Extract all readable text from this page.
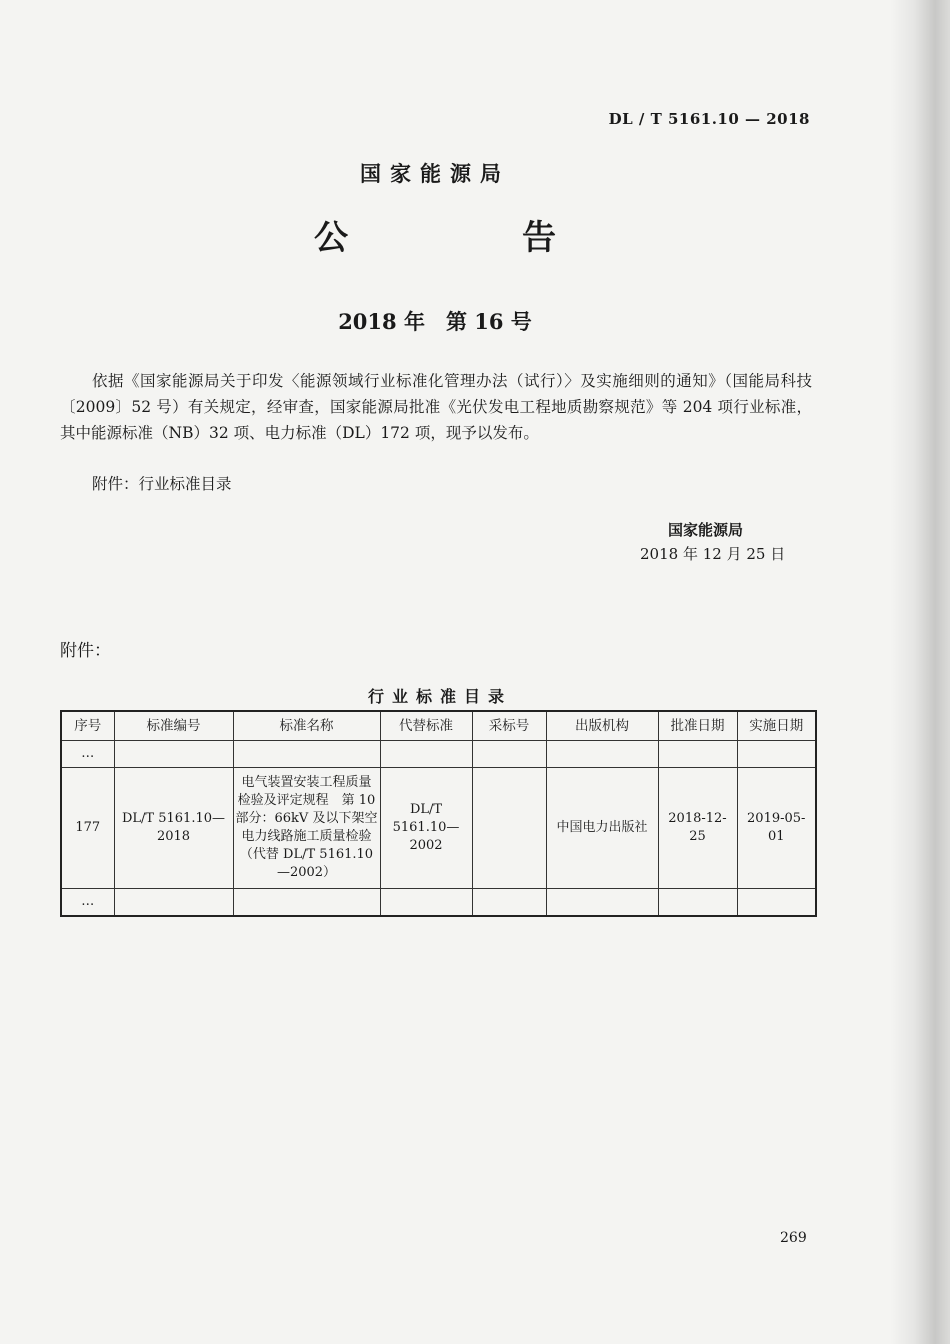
DL / T 5161.10 — 2018
国家能源局
公　告
2018 年　第 16 号
依据《国家能源局关于印发〈能源领域行业标准化管理办法（试行）〉及实施细则的通知》（国能局科技〔2009〕52 号）有关规定，经审查，国家能源局批准《光伏发电工程地质勘察规范》等 204 项行业标准，其中能源标准（NB）32 项、电力标准（DL）172 项，现予以发布。
附件：行业标准目录
国家能源局
2018 年 12 月 25 日
附件：
行业标准目录
序号	标准编号	标准名称	代替标准	采标号	出版机构	批准日期	实施日期
…							
177	DL/T 5161.10—2018	电气装置安装工程质量检验及评定规程　第 10 部分：66kV 及以下架空电力线路施工质量检验（代替 DL/T 5161.10—2002）	DL/T 5161.10—2002		中国电力出版社	2018-12-25	2019-05-01
…							
269
